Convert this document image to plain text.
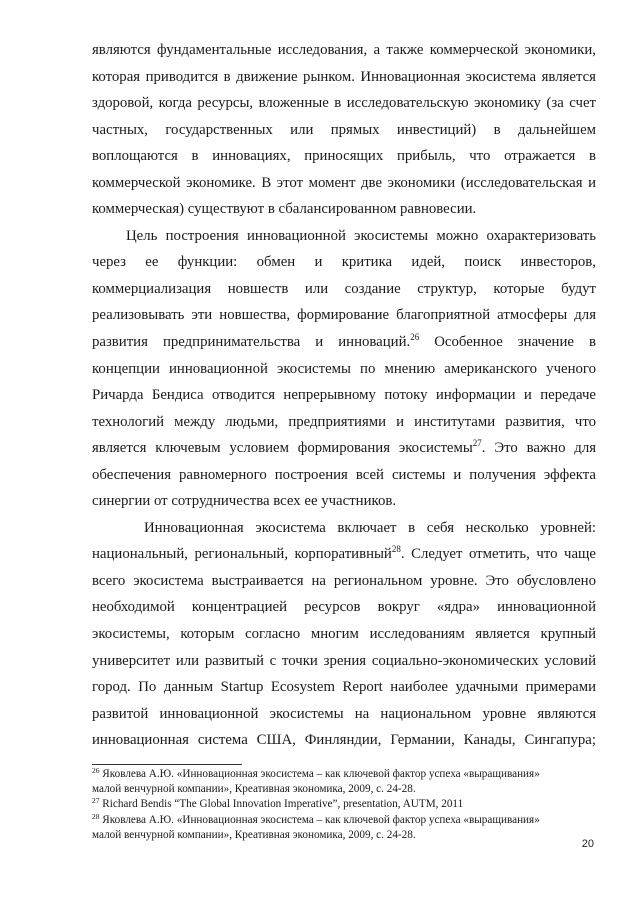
являются фундаментальные исследования, а также коммерческой экономики,
которая приводится в движение рынком. Инновационная экосистема является
здоровой, когда ресурсы, вложенные в исследовательскую экономику (за счет
частных, государственных или прямых инвестиций) в дальнейшем
воплощаются в инновациях, приносящих прибыль, что отражается в
коммерческой экономике. В этот момент две экономики (исследовательская и
коммерческая) существуют в сбалансированном равновесии.
Цель построения инновационной экосистемы можно охарактеризовать
через ее функции: обмен и критика идей, поиск инвесторов,
коммерциализация новшеств или создание структур, которые будут
реализовывать эти новшества, формирование благоприятной атмосферы для
развития предпринимательства и инноваций.$^{26}$ Особенное значение в
концепции инновационной экосистемы по мнению американского ученого
Ричарда Бендиса отводится непрерывному потоку информации и передаче
технологий между людьми, предприятиями и институтами развития, что
является ключевым условием формирования экосистемы$^{27}$. Это важно для
обеспечения равномерного построения всей системы и получения эффекта
синергии от сотрудничества всех ее участников.
Инновационная экосистема включает в себя несколько уровней:
национальный, региональный, корпоративный$^{28}$. Следует отметить, что чаще
всего экосистема выстраивается на региональном уровне. Это обусловлено
необходимой концентрацией ресурсов вокруг «ядра» инновационной
экосистемы, которым согласно многим исследованиям является крупный
университет или развитый с точки зрения социально-экономических условий
город. По данным Startup Ecosystem Report наиболее удачными примерами
развитой инновационной экосистемы на национальном уровне являются
инновационная система США, Финляндии, Германии, Канады, Сингапура;
$^{26}$ Яковлева А.Ю. «Инновационная экосистема – как ключевой фактор успеха «выращивания»
малой венчурной компании», Креативная экономика, 2009, с. 24-28.
$^{27}$ Richard Bendis “The Global Innovation Imperative”, presentation, AUTM, 2011
$^{28}$ Яковлева А.Ю. «Инновационная экосистема – как ключевой фактор успеха «выращивания»
малой венчурной компании», Креативная экономика, 2009, с. 24-28.
20
